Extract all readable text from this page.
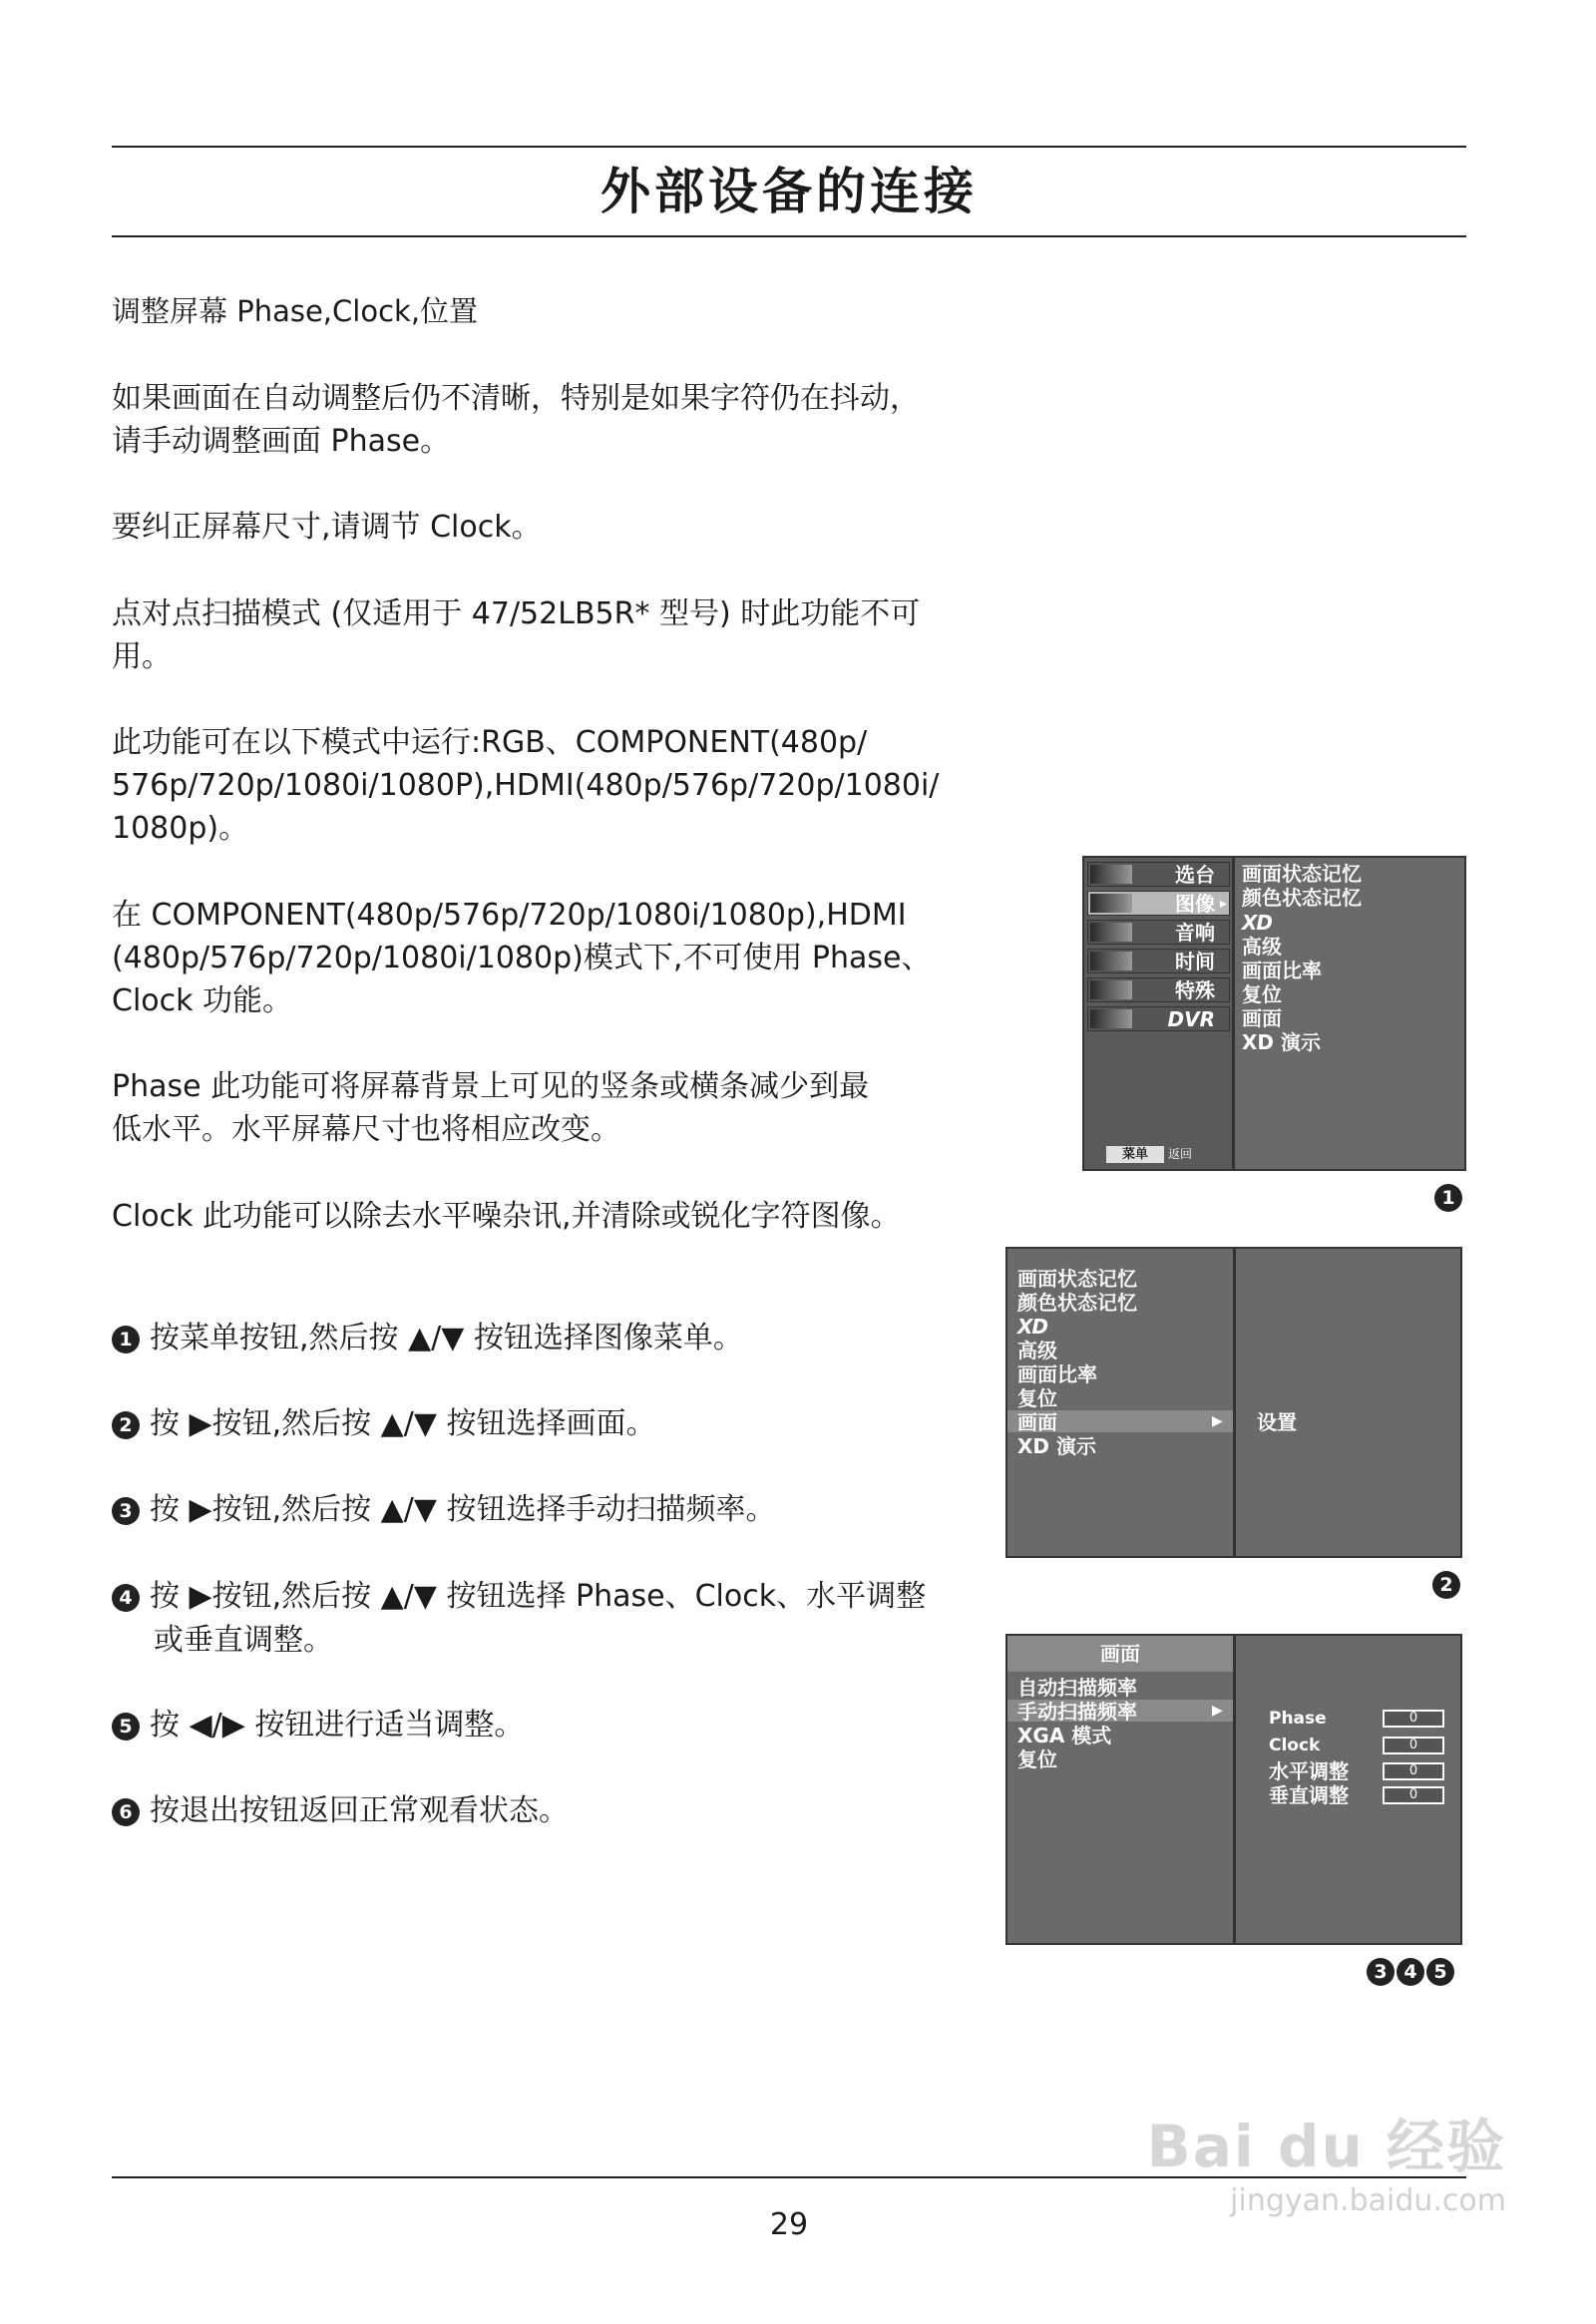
外部设备的连接
调整屏幕 Phase,Clock,位置
如果画面在自动调整后仍不清晰，特别是如果字符仍在抖动，
请手动调整画面 Phase。
要纠正屏幕尺寸,请调节 Clock。
点对点扫描模式 (仅适用于 47/52LB5R* 型号) 时此功能不可
用。
此功能可在以下模式中运行:RGB、COMPONENT(480p/
576p/720p/1080i/1080P),HDMI(480p/576p/720p/1080i/
1080p)。
在 COMPONENT(480p/576p/720p/1080i/1080p),HDMI
(480p/576p/720p/1080i/1080p)模式下,不可使用 Phase、
Clock 功能。
Phase 此功能可将屏幕背景上可见的竖条或横条减少到最
低水平。水平屏幕尺寸也将相应改变。
Clock 此功能可以除去水平噪杂讯,并清除或锐化字符图像。
1 按菜单按钮,然后按 ▲/▼ 按钮选择图像菜单。
2 按 ▶按钮,然后按 ▲/▼ 按钮选择画面。
3 按 ▶按钮,然后按 ▲/▼ 按钮选择手动扫描频率。
4 按 ▶按钮,然后按 ▲/▼ 按钮选择 Phase、Clock、水平调整
或垂直调整。
5 按 ◀/▶ 按钮进行适当调整。
6 按退出按钮返回正常观看状态。
选台
图像 ▸
音响
时间
特殊
DVR
菜单	返回
画面状态记忆
颜色状态记忆
XD
高级
画面比率
复位
画面
XD 演示
1
画面状态记忆
颜色状态记忆
XD
高级
画面比率
复位
画面	▶
XD 演示
设置
2
画面
自动扫描频率
手动扫描频率	▶
XGA 模式
复位
Phase	0
Clock	0
水平调整	0
垂直调整	0
3 4 5
29
Bai du 经验
jingyan.baidu.com
